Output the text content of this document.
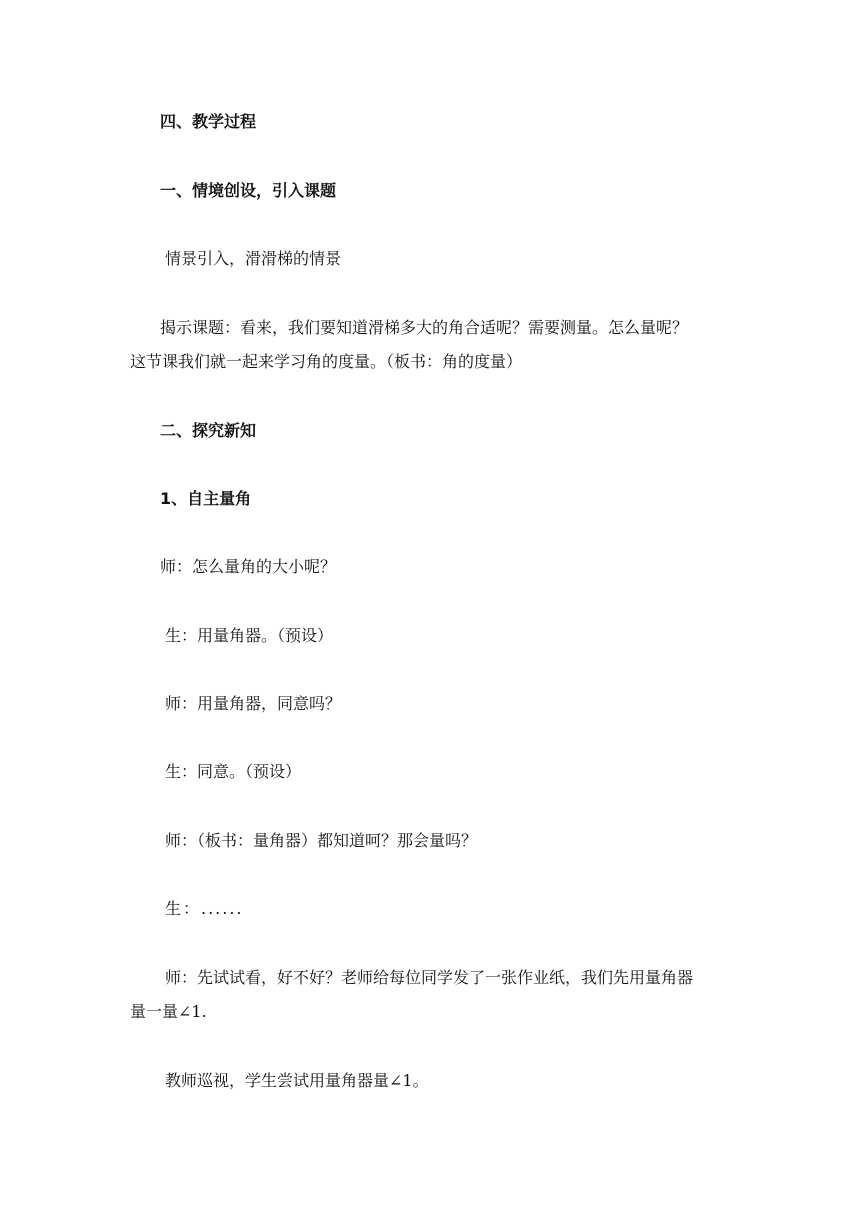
四、教学过程

一、情境创设，引入课题

情景引入，滑滑梯的情景

揭示课题：看来，我们要知道滑梯多大的角合适呢？需要测量。怎么量呢？

这节课我们就一起来学习角的度量。（板书：角的度量）

二、探究新知

1、自主量角

师：怎么量角的大小呢？

生：用量角器。（预设）

师：用量角器，同意吗？

生：同意。（预设）

师：（板书：量角器）都知道呵？那会量吗？

生：......

师：先试试看，好不好？老师给每位同学发了一张作业纸，我们先用量角器

量一量∠1.

教师巡视，学生尝试用量角器量∠1。
